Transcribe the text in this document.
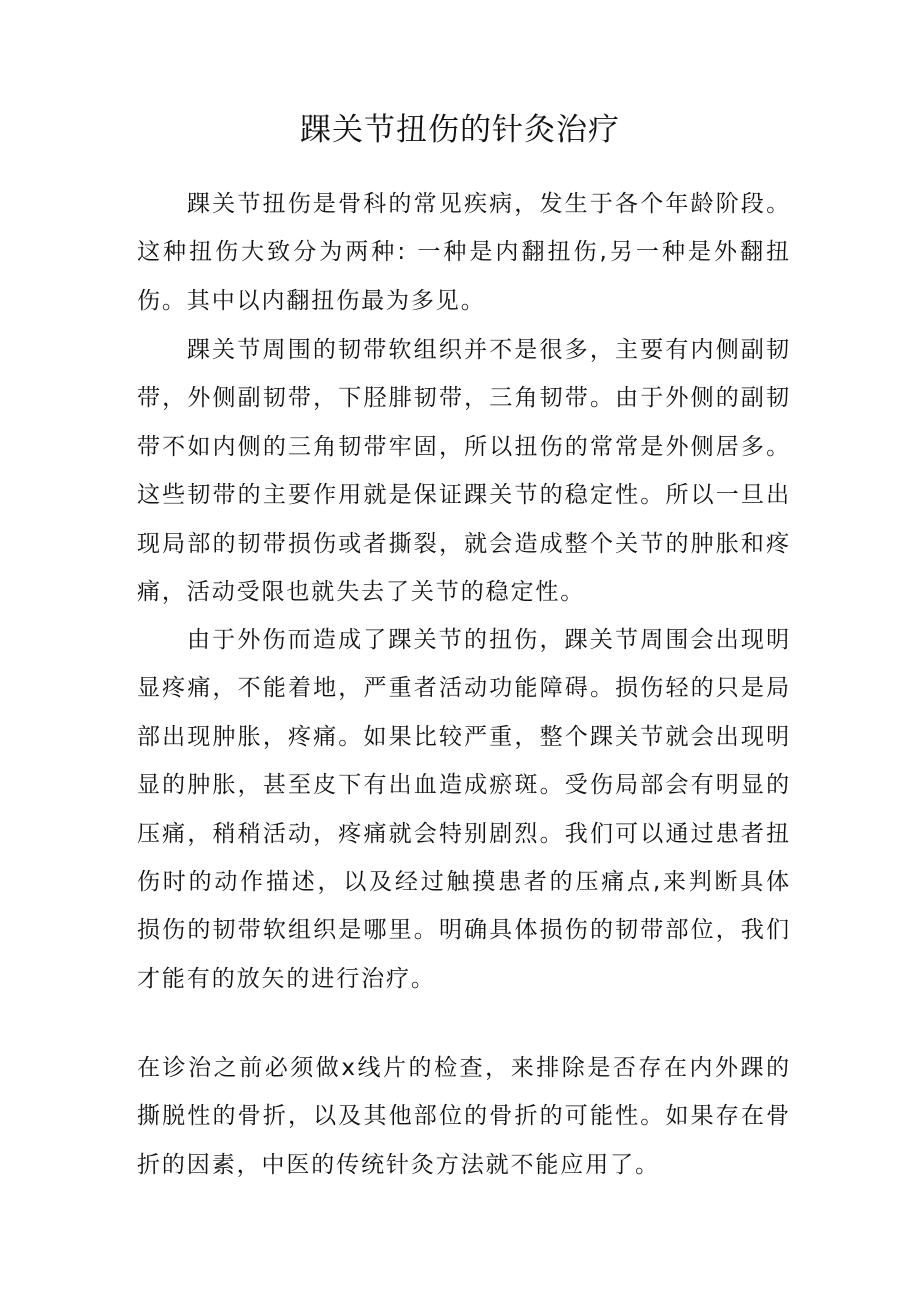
踝关节扭伤的针灸治疗

踝关节扭伤是骨科的常见疾病，发生于各个年龄阶段。这种扭伤大致分为两种: 一种是内翻扭伤,另一种是外翻扭伤。其中以内翻扭伤最为多见。

踝关节周围的韧带软组织并不是很多，主要有内侧副韧带，外侧副韧带，下胫腓韧带，三角韧带。由于外侧的副韧带不如内侧的三角韧带牢固，所以扭伤的常常是外侧居多。这些韧带的主要作用就是保证踝关节的稳定性。所以一旦出现局部的韧带损伤或者撕裂，就会造成整个关节的肿胀和疼痛，活动受限也就失去了关节的稳定性。

由于外伤而造成了踝关节的扭伤，踝关节周围会出现明显疼痛，不能着地，严重者活动功能障碍。损伤轻的只是局部出现肿胀，疼痛。如果比较严重，整个踝关节就会出现明显的肿胀，甚至皮下有出血造成瘀斑。受伤局部会有明显的压痛，稍稍活动，疼痛就会特别剧烈。我们可以通过患者扭伤时的动作描述，以及经过触摸患者的压痛点,来判断具体损伤的韧带软组织是哪里。明确具体损伤的韧带部位，我们才能有的放矢的进行治疗。

在诊治之前必须做x线片的检查，来排除是否存在内外踝的撕脱性的骨折，以及其他部位的骨折的可能性。如果存在骨折的因素，中医的传统针灸方法就不能应用了。
